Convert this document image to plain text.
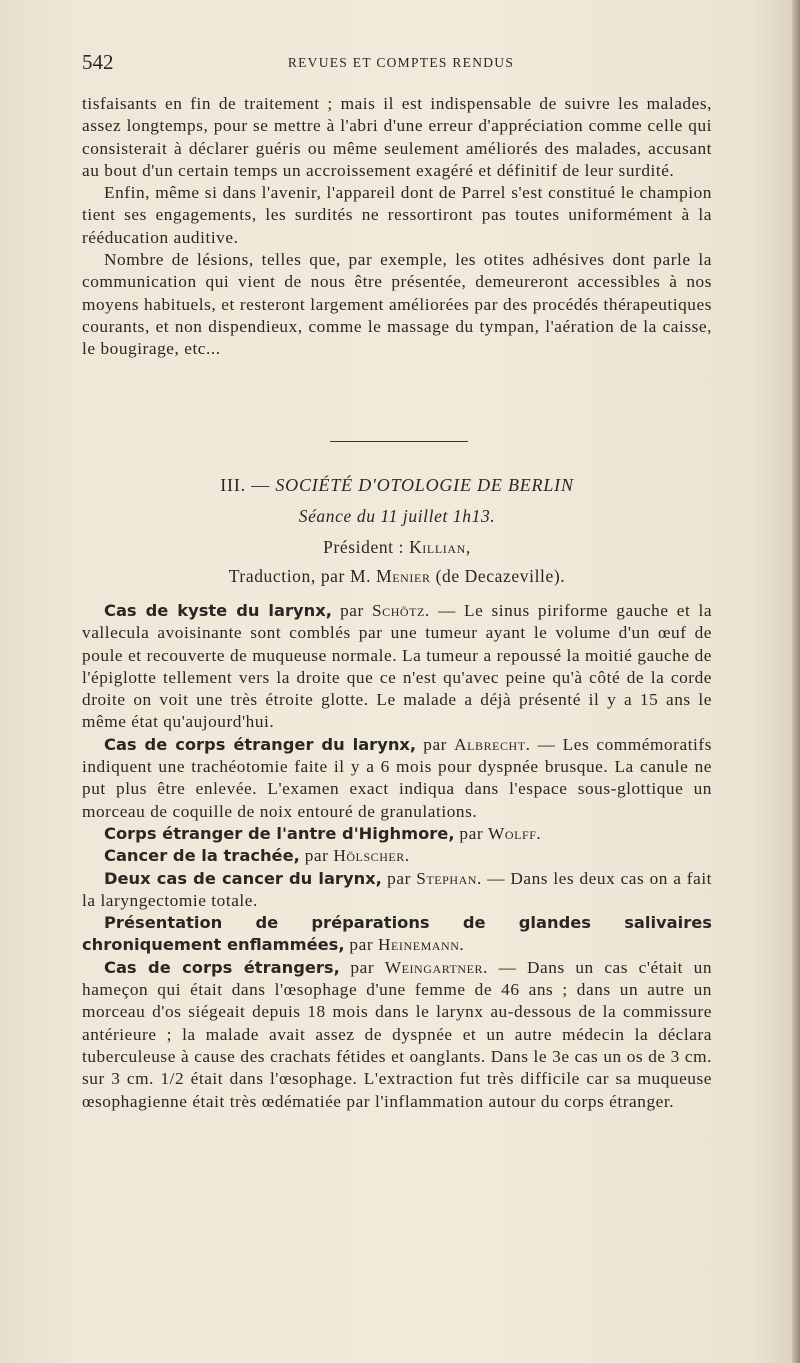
542	REVUES ET COMPTES RENDUS

tisfaisants en fin de traitement ; mais il est indispensable de suivre les malades, assez longtemps, pour se mettre à l'abri d'une erreur d'appréciation comme celle qui consisterait à déclarer guéris ou même seulement améliorés des malades, accusant au bout d'un certain temps un accroissement exagéré et définitif de leur surdité.

Enfin, même si dans l'avenir, l'appareil dont de Parrel s'est constitué le champion tient ses engagements, les surdités ne ressortiront pas toutes uniformément à la rééducation auditive.

Nombre de lésions, telles que, par exemple, les otites adhésives dont parle la communication qui vient de nous être présentée, demeureront accessibles à nos moyens habituels, et resteront largement améliorées par des procédés thérapeutiques courants, et non dispendieux, comme le massage du tympan, l'aération de la caisse, le bougirage, etc...

III. — SOCIÉTÉ D'OTOLOGIE DE BERLIN
Séance du 11 juillet 1h13.
Président : Killian,
Traduction, par M. Menier (de Decazeville).

Cas de kyste du larynx, par Schötz. — Le sinus piriforme gauche et la vallecula avoisinante sont comblés par une tumeur ayant le volume d'un œuf de poule et recouverte de muqueuse normale. La tumeur a repoussé la moitié gauche de l'épiglotte tellement vers la droite que ce n'est qu'avec peine qu'à côté de la corde droite on voit une très étroite glotte. Le malade a déjà présenté il y a 15 ans le même état qu'aujourd'hui.

Cas de corps étranger du larynx, par Albrecht. — Les commémoratifs indiquent une trachéotomie faite il y a 6 mois pour dyspnée brusque. La canule ne put plus être enlevée. L'examen exact indiqua dans l'espace sous-glottique un morceau de coquille de noix entouré de granulations.

Corps étranger de l'antre d'Highmore, par Wolff.

Cancer de la trachée, par Hölscher.

Deux cas de cancer du larynx, par Stephan. — Dans les deux cas on a fait la laryngectomie totale.

Présentation de préparations de glandes salivaires chroniquement enflammées, par Heinemann.

Cas de corps étrangers, par Weingartner. — Dans un cas c'était un hameçon qui était dans l'œsophage d'une femme de 46 ans ; dans un autre un morceau d'os siégeait depuis 18 mois dans le larynx au-dessous de la commissure antérieure ; la malade avait assez de dyspnée et un autre médecin la déclara tuberculeuse à cause des crachats fétides et oanglants. Dans le 3e cas un os de 3 cm. sur 3 cm. 1/2 était dans l'œsophage. L'extraction fut très difficile car sa muqueuse œsophagienne était très œdématiée par l'inflammation autour du corps étranger.
